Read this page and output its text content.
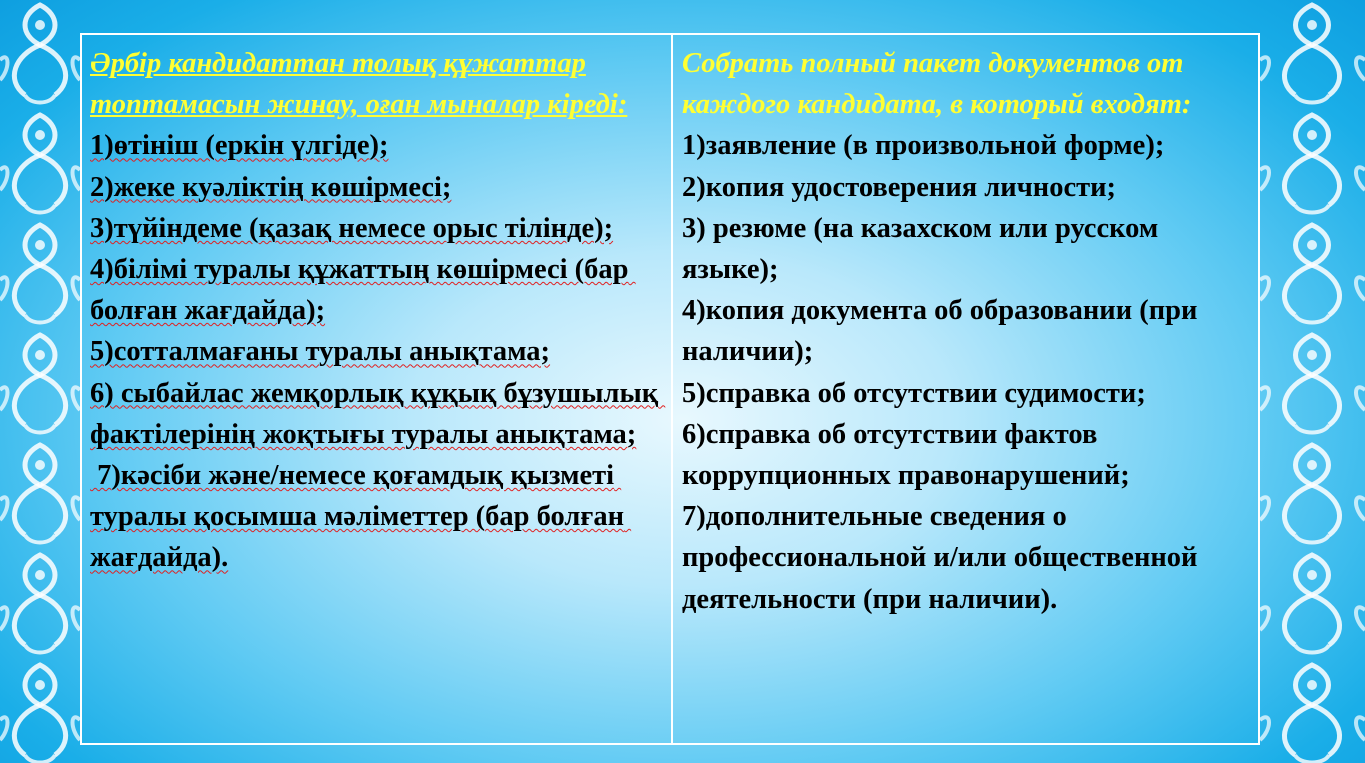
Әрбір кандидаттан толық құжаттар топтамасын жинау, оған мыналар кіреді:
1)өтініш (еркін үлгіде);
2)жеке куәліктің көшірмесі;
3)түйіндеме (қазақ немесе орыс тілінде);
4)білімі туралы құжаттың көшірмесі (бар болған жағдайда);
5)сотталмағаны туралы анықтама;
6) сыбайлас жемқорлық құқық бұзушылық фактілерінің жоқтығы туралы анықтама;
7)кәсіби және/немесе қоғамдық қызметі туралы қосымша мәліметтер (бар болған жағдайда).
Собрать полный пакет документов от каждого кандидата, в который входят:
1)заявление (в произвольной форме);
2)копия удостоверения личности;
3) резюме (на казахском или русском языке);
4)копия документа об образовании (при наличии);
5)справка об отсутствии судимости;
6)справка об отсутствии фактов коррупционных правонарушений;
7)дополнительные сведения о профессиональной и/или общественной деятельности (при наличии).
